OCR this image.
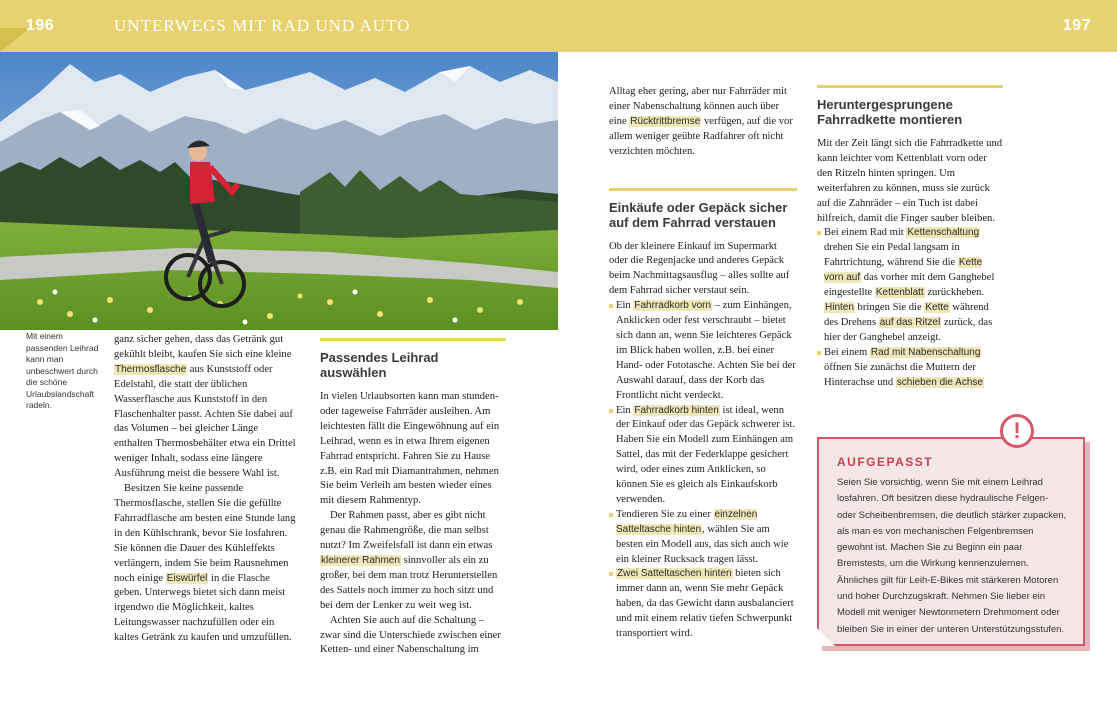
196	UNTERWEGS MIT RAD UND AUTO	197

Mit einem passenden Leihrad kann man unbeschwert durch die schöne Urlaubslandschaft radeln.

ganz sicher gehen, dass das Getränk gut gekühlt bleibt, kaufen Sie sich eine kleine Thermosflasche aus Kunststoff oder Edelstahl, die statt der üblichen Wasserflasche aus Kunststoff in den Flaschenhalter passt. Achten Sie dabei auf das Volumen – bei gleicher Länge enthalten Thermosbehälter etwa ein Drittel weniger Inhalt, sodass eine längere Ausführung meist die bessere Wahl ist.

Besitzen Sie keine passende Thermosflasche, stellen Sie die gefüllte Fahrradflasche am besten eine Stunde lang in den Kühlschrank, bevor Sie losfahren. Sie können die Dauer des Kühleffekts verlängern, indem Sie beim Rausnehmen noch einige Eiswürfel in die Flasche geben. Unterwegs bietet sich dann meist irgendwo die Möglichkeit, kaltes Leitungswasser nachzufüllen oder ein kaltes Getränk zu kaufen und umzufüllen.

Passendes Leihrad auswählen

In vielen Urlaubsorten kann man stunden- oder tageweise Fahrräder ausleihen. Am leichtesten fällt die Eingewöhnung auf ein Leihrad, wenn es in etwa Ihrem eigenen Fahrrad entspricht. Fahren Sie zu Hause z.B. ein Rad mit Diamantrahmen, nehmen Sie beim Verleih am besten wieder eines mit diesem Rahmentyp.

Der Rahmen passt, aber es gibt nicht genau die Rahmengröße, die man selbst nutzt? Im Zweifelsfall ist dann ein etwas kleinerer Rahmen sinnvoller als ein zu großer, bei dem man trotz Herunterstellen des Sattels noch immer zu hoch sitzt und bei dem der Lenker zu weit weg ist.

Achten Sie auch auf die Schaltung – zwar sind die Unterschiede zwischen einer Ketten- und einer Nabenschaltung im

Alltag eher gering, aber nur Fahrräder mit einer Nabenschaltung können auch über eine Rücktrittbremse verfügen, auf die vor allem weniger geübte Radfahrer oft nicht verzichten möchten.

Einkäufe oder Gepäck sicher auf dem Fahrrad verstauen

Ob der kleinere Einkauf im Supermarkt oder die Regenjacke und anderes Gepäck beim Nachmittagsausflug – alles sollte auf dem Fahrrad sicher verstaut sein.

Ein Fahrradkorb vorn – zum Einhängen, Anklicken oder fest verschraubt – bietet sich dann an, wenn Sie leichteres Gepäck im Blick haben wollen, z.B. bei einer Hand- oder Fototasche. Achten Sie bei der Auswahl darauf, dass der Korb das Frontlicht nicht verdeckt.
Ein Fahrradkorb hinten ist ideal, wenn der Einkauf oder das Gepäck schwerer ist. Haben Sie ein Modell zum Einhängen am Sattel, das mit der Federklappe gesichert wird, oder eines zum Anklicken, so können Sie es gleich als Einkaufskorb verwenden.
Tendieren Sie zu einer einzelnen Satteltasche hinten, wählen Sie am besten ein Modell aus, das sich auch wie ein kleiner Rucksack tragen lässt.
Zwei Satteltaschen hinten bieten sich immer dann an, wenn Sie mehr Gepäck haben, da das Gewicht dann ausbalanciert und mit einem relativ tiefen Schwerpunkt transportiert wird.
Heruntergesprungene Fahrradkette montieren

Mit der Zeit längt sich die Fahrradkette und kann leichter vom Kettenblatt vorn oder den Ritzeln hinten springen. Um weiterfahren zu können, muss sie zurück auf die Zahnräder – ein Tuch ist dabei hilfreich, damit die Finger sauber bleiben.

Bei einem Rad mit Kettenschaltung drehen Sie ein Pedal langsam in Fahrtrichtung, während Sie die Kette vorn auf das vorher mit dem Ganghebel eingestellte Kettenblatt zurückheben. Hinten bringen Sie die Kette während des Drehens auf das Ritzel zurück, das hier der Ganghebel anzeigt.
Bei einem Rad mit Nabenschaltung öffnen Sie zunächst die Muttern der Hinterachse und schieben die Achse
AUFGEPASST

Seien Sie vorsichtig, wenn Sie mit einem Leihrad losfahren. Oft besitzen diese hydraulische Felgen- oder Scheibenbremsen, die deutlich stärker zupacken, als man es von mechanischen Felgenbremsen gewohnt ist. Machen Sie zu Beginn ein paar Bremstests, um die Wirkung kennenzulernen. Ähnliches gilt für Leih-E-Bikes mit stärkeren Motoren und hoher Durchzugskraft. Nehmen Sie lieber ein Modell mit weniger Newtonmetern Drehmoment oder bleiben Sie in einer der unteren Unterstützungsstufen.

!
